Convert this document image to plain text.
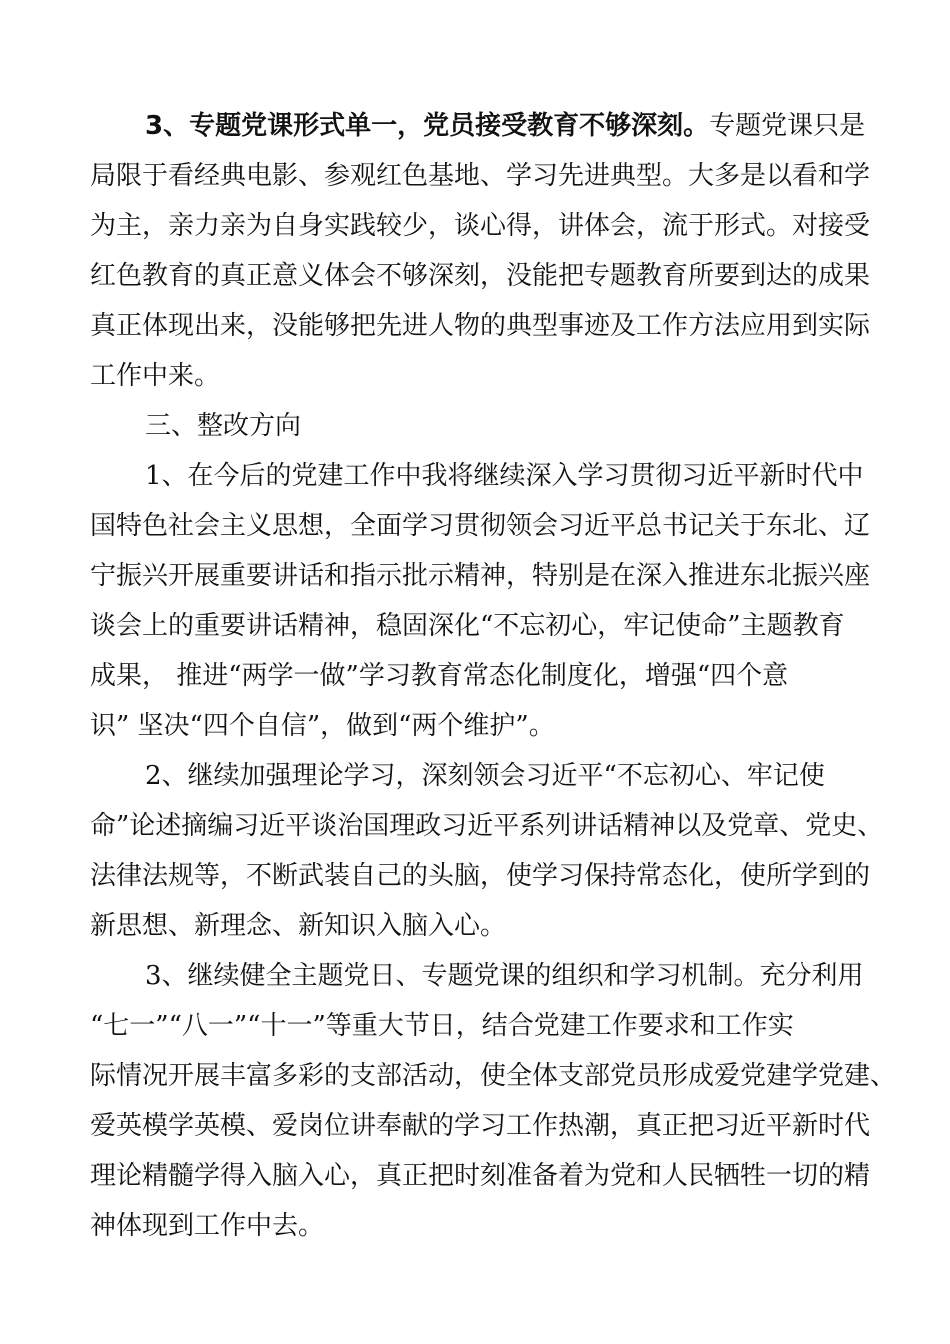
3、专题党课形式单一，党员接受教育不够深刻。专题党课只是
局限于看经典电影、参观红色基地、学习先进典型。大多是以看和学
为主，亲力亲为自身实践较少，谈心得，讲体会，流于形式。对接受
红色教育的真正意义体会不够深刻，没能把专题教育所要到达的成果
真正体现出来，没能够把先进人物的典型事迹及工作方法应用到实际
工作中来。
三、整改方向
1、在今后的党建工作中我将继续深入学习贯彻习近平新时代中
国特色社会主义思想，全面学习贯彻领会习近平总书记关于东北、辽
宁振兴开展重要讲话和指示批示精神，特别是在深入推进东北振兴座
谈会上的重要讲话精神，稳固深化“不忘初心，牢记使命”主题教育
成果， 推进“两学一做”学习教育常态化制度化，增强“四个意
识” 坚决“四个自信”，做到“两个维护”。
2、继续加强理论学习，深刻领会习近平“不忘初心、牢记使
命”论述摘编习近平谈治国理政习近平系列讲话精神以及党章、党史、
法律法规等，不断武装自己的头脑，使学习保持常态化，使所学到的
新思想、新理念、新知识入脑入心。
3、继续健全主题党日、专题党课的组织和学习机制。充分利用
“七一”“八一”“十一”等重大节日，结合党建工作要求和工作实
际情况开展丰富多彩的支部活动，使全体支部党员形成爱党建学党建、
爱英模学英模、爱岗位讲奉献的学习工作热潮，真正把习近平新时代
理论精髓学得入脑入心，真正把时刻准备着为党和人民牺牲一切的精
神体现到工作中去。
